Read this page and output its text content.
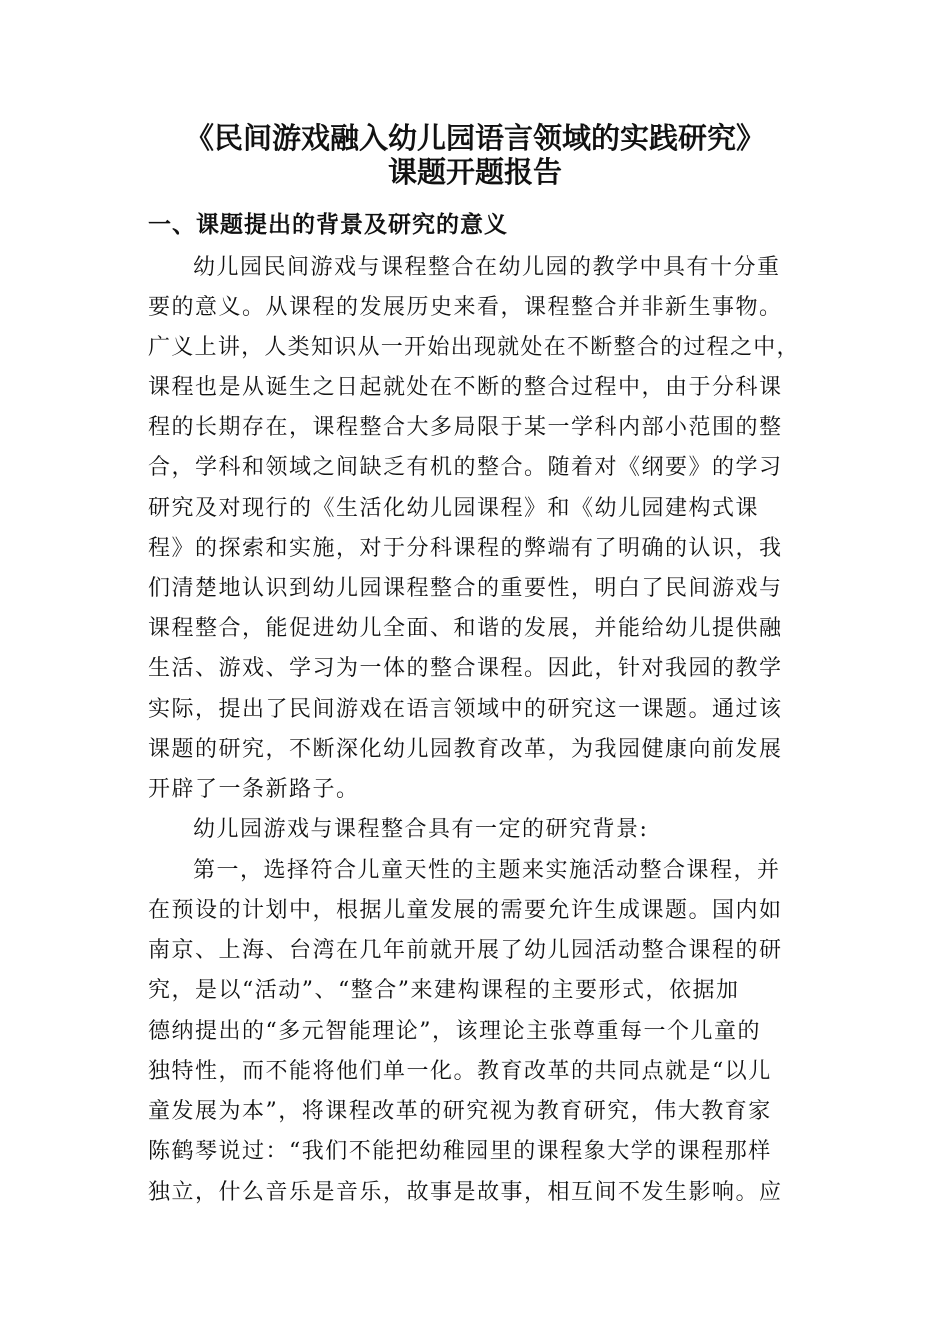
《民间游戏融入幼儿园语言领域的实践研究》
课题开题报告
一、课题提出的背景及研究的意义
幼儿园民间游戏与课程整合在幼儿园的教学中具有十分重
要的意义。从课程的发展历史来看，课程整合并非新生事物。
广义上讲，人类知识从一开始出现就处在不断整合的过程之中，
课程也是从诞生之日起就处在不断的整合过程中，由于分科课
程的长期存在，课程整合大多局限于某一学科内部小范围的整
合，学科和领域之间缺乏有机的整合。随着对《纲要》的学习
研究及对现行的《生活化幼儿园课程》和《幼儿园建构式课
程》的探索和实施，对于分科课程的弊端有了明确的认识，我
们清楚地认识到幼儿园课程整合的重要性，明白了民间游戏与
课程整合，能促进幼儿全面、和谐的发展，并能给幼儿提供融
生活、游戏、学习为一体的整合课程。因此，针对我园的教学
实际，提出了民间游戏在语言领域中的研究这一课题。通过该
课题的研究，不断深化幼儿园教育改革，为我园健康向前发展
开辟了一条新路子。
幼儿园游戏与课程整合具有一定的研究背景:
第一，选择符合儿童天性的主题来实施活动整合课程，并
在预设的计划中，根据儿童发展的需要允许生成课题。国内如
南京、上海、台湾在几年前就开展了幼儿园活动整合课程的研
究，是以“活动”、“整合”来建构课程的主要形式，依据加
德纳提出的“多元智能理论”，该理论主张尊重每一个儿童的
独特性，而不能将他们单一化。教育改革的共同点就是“以儿
童发展为本”，将课程改革的研究视为教育研究，伟大教育家
陈鹤琴说过：“我们不能把幼稚园里的课程象大学的课程那样
独立，什么音乐是音乐，故事是故事，相互间不发生影响。应
